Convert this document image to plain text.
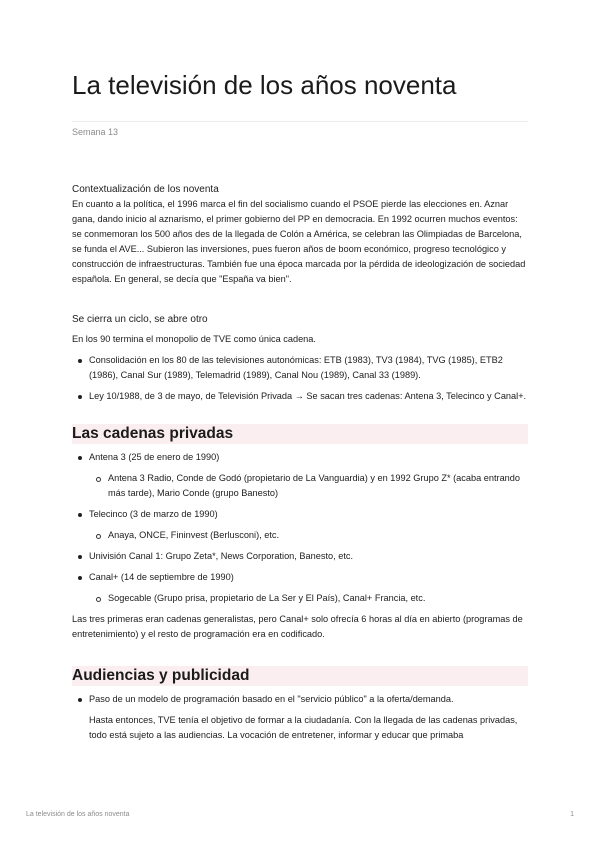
La televisión de los años noventa
Semana 13

Contextualización de los noventa

En cuanto a la política, el 1996 marca el fin del socialismo cuando el PSOE pierde las elecciones en. Aznar gana, dando inicio al aznarismo, el primer gobierno del PP en democracia. En 1992 ocurren muchos eventos: se conmemoran los 500 años des de la llegada de Colón a América, se celebran las Olimpiadas de Barcelona, se funda el AVE... Subieron las inversiones, pues fueron años de boom económico, progreso tecnológico y construcción de infraestructuras. También fue una época marcada por la pérdida de ideologización de sociedad española. En general, se decía que "España va bien".

Se cierra un ciclo, se abre otro

En los 90 termina el monopolio de TVE como única cadena.

Consolidación en los 80 de las televisiones autonómicas: ETB (1983), TV3 (1984), TVG (1985), ETB2 (1986), Canal Sur (1989), Telemadrid (1989), Canal Nou (1989), Canal 33 (1989).
Ley 10/1988, de 3 de mayo, de Televisión Privada → Se sacan tres cadenas: Antena 3, Telecinco y Canal+.
Las cadenas privadas
Antena 3 (25 de enero de 1990)
Antena 3 Radio, Conde de Godó (propietario de La Vanguardia) y en 1992 Grupo Z* (acaba entrando más tarde), Mario Conde (grupo Banesto)
Telecinco (3 de marzo de 1990)
Anaya, ONCE, Fininvest (Berlusconi), etc.
Univisión Canal 1: Grupo Zeta*, News Corporation, Banesto, etc.
Canal+ (14 de septiembre de 1990)
Sogecable (Grupo prisa, propietario de La Ser y El País), Canal+ Francia, etc.

Las tres primeras eran cadenas generalistas, pero Canal+ solo ofrecía 6 horas al día en abierto (programas de entretenimiento) y el resto de programación era en codificado.

Audiencias y publicidad
Paso de un modelo de programación basado en el "servicio público" a la oferta/demanda.

Hasta entonces, TVE tenía el objetivo de formar a la ciudadanía. Con la llegada de las cadenas privadas, todo está sujeto a las audiencias. La vocación de entretener, informar y educar que primaba

La televisión de los años noventa	1
